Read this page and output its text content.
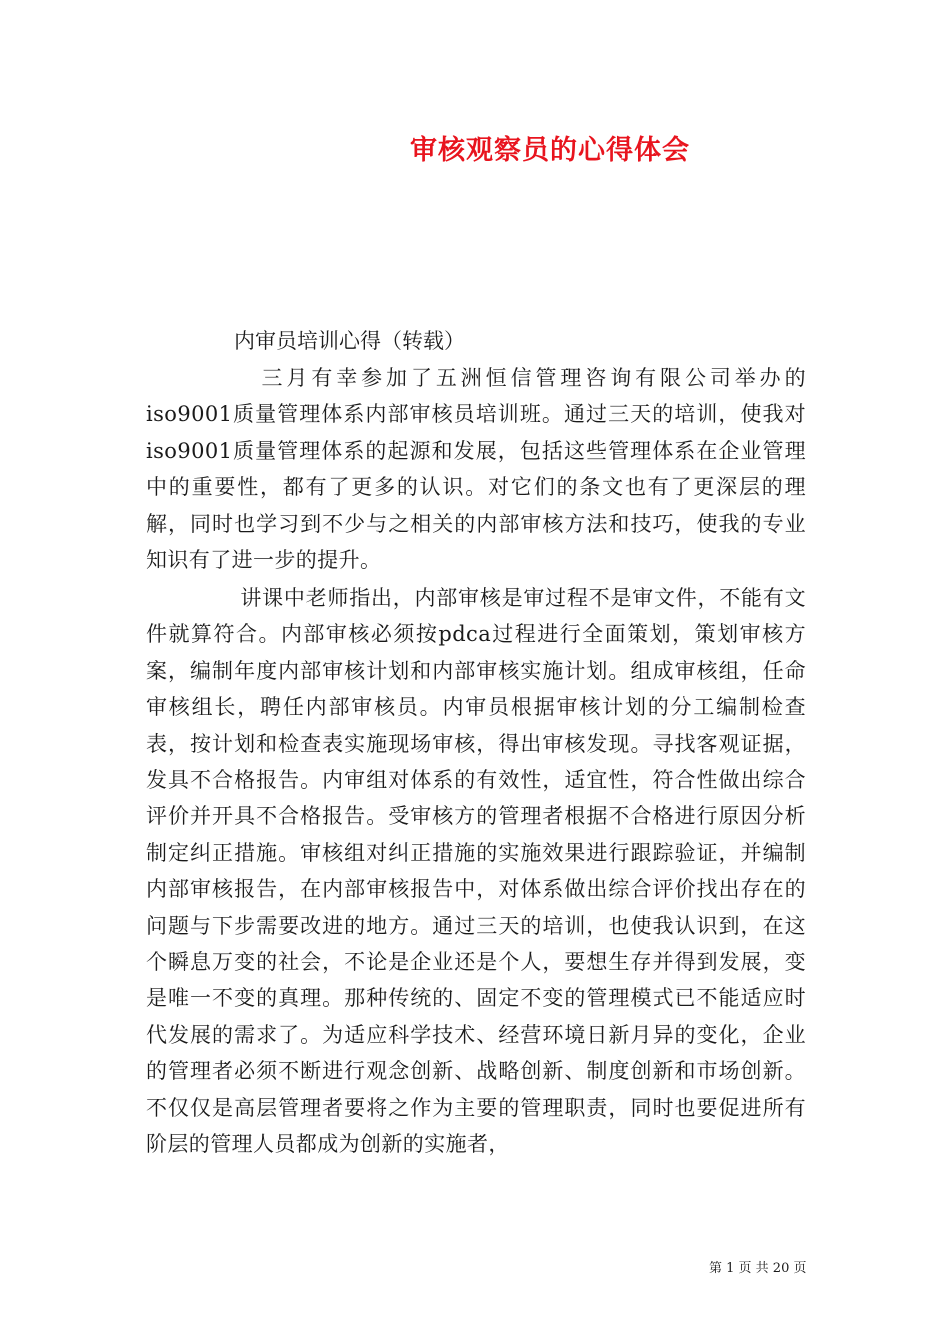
审核观察员的心得体会
内审员培训心得（转载）
三月有幸参加了五洲恒信管理咨询有限公司举办的iso9001质量管理体系内部审核员培训班。通过三天的培训，使我对iso9001质量管理体系的起源和发展，包括这些管理体系在企业管理中的重要性，都有了更多的认识。对它们的条文也有了更深层的理解，同时也学习到不少与之相关的内部审核方法和技巧，使我的专业知识有了进一步的提升。
讲课中老师指出，内部审核是审过程不是审文件，不能有文件就算符合。内部审核必须按pdca过程进行全面策划，策划审核方案，编制年度内部审核计划和内部审核实施计划。组成审核组，任命审核组长，聘任内部审核员。内审员根据审核计划的分工编制检查表，按计划和检查表实施现场审核，得出审核发现。寻找客观证据，发具不合格报告。内审组对体系的有效性，适宜性，符合性做出综合评价并开具不合格报告。受审核方的管理者根据不合格进行原因分析制定纠正措施。审核组对纠正措施的实施效果进行跟踪验证，并编制内部审核报告，在内部审核报告中，对体系做出综合评价找出存在的问题与下步需要改进的地方。通过三天的培训，也使我认识到，在这个瞬息万变的社会，不论是企业还是个人，要想生存并得到发展，变是唯一不变的真理。那种传统的、固定不变的管理模式已不能适应时代发展的需求了。为适应科学技术、经营环境日新月异的变化，企业的管理者必须不断进行观念创新、战略创新、制度创新和市场创新。不仅仅是高层管理者要将之作为主要的管理职责，同时也要促进所有阶层的管理人员都成为创新的实施者，
第 1 页 共 20 页
